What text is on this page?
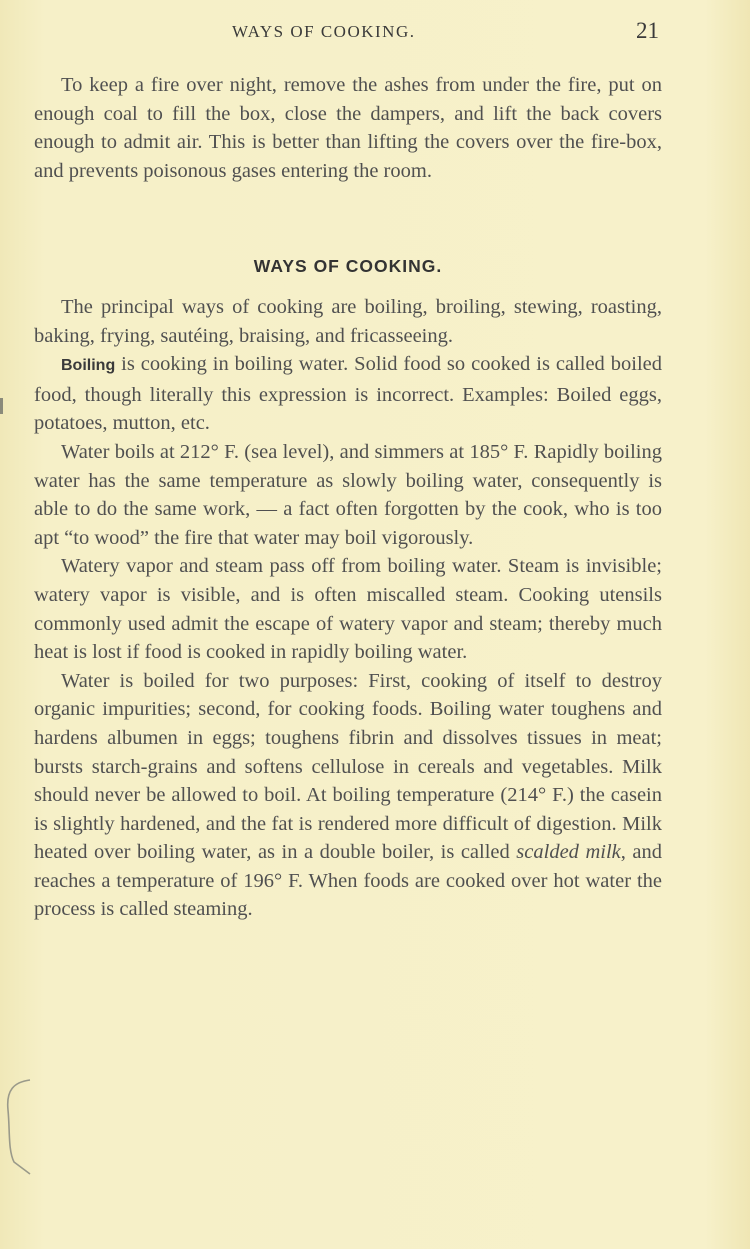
WAYS OF COOKING.	21

To keep a fire over night, remove the ashes from under the fire, put on enough coal to fill the box, close the dampers, and lift the back covers enough to admit air. This is better than lifting the covers over the fire-box, and prevents poisonous gases entering the room.

WAYS OF COOKING.

The principal ways of cooking are boiling, broiling, stewing, roasting, baking, frying, sautéing, braising, and fricasseeing.

Boiling is cooking in boiling water. Solid food so cooked is called boiled food, though literally this expression is incorrect. Examples: Boiled eggs, potatoes, mutton, etc.

Water boils at 212° F. (sea level), and simmers at 185° F. Rapidly boiling water has the same temperature as slowly boiling water, consequently is able to do the same work, — a fact often forgotten by the cook, who is too apt “to wood” the fire that water may boil vigorously.

Watery vapor and steam pass off from boiling water. Steam is invisible; watery vapor is visible, and is often miscalled steam. Cooking utensils commonly used admit the escape of watery vapor and steam; thereby much heat is lost if food is cooked in rapidly boiling water.

Water is boiled for two purposes: First, cooking of itself to destroy organic impurities; second, for cooking foods. Boiling water toughens and hardens albumen in eggs; toughens fibrin and dissolves tissues in meat; bursts starch-grains and softens cellulose in cereals and vegetables. Milk should never be allowed to boil. At boiling temperature (214° F.) the casein is slightly hardened, and the fat is rendered more difficult of digestion. Milk heated over boiling water, as in a double boiler, is called scalded milk, and reaches a temperature of 196° F. When foods are cooked over hot water the process is called steaming.
